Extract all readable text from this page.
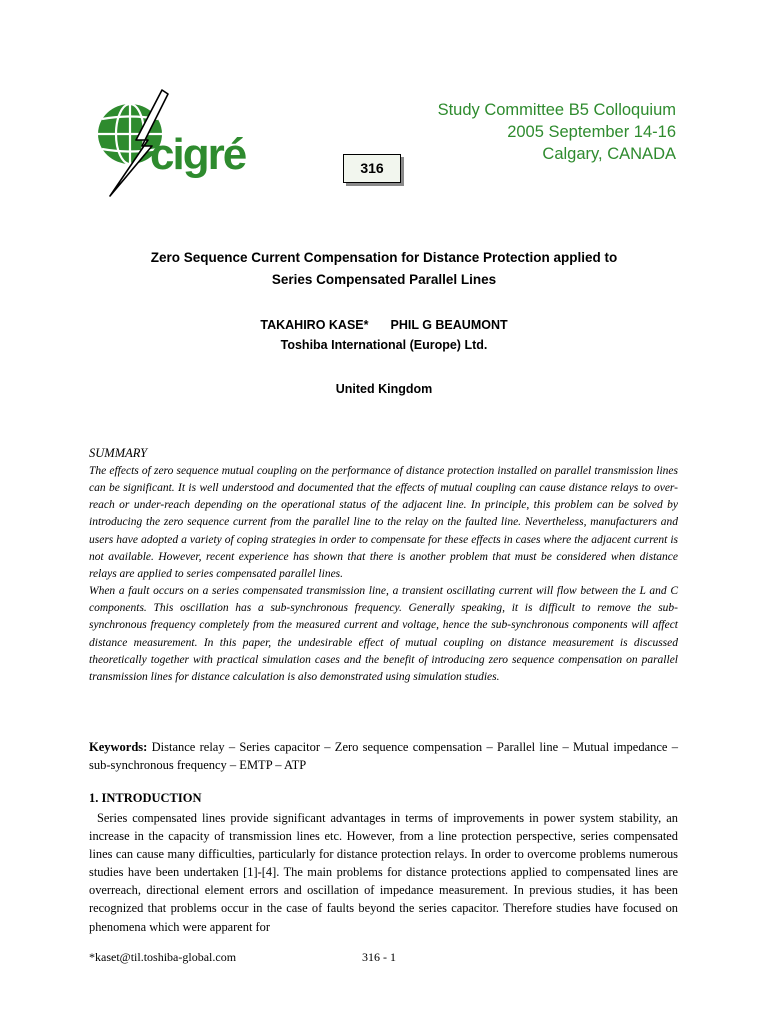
cigré
Study Committee B5 Colloquium
2005 September 14-16
Calgary, CANADA
316
Zero Sequence Current Compensation for Distance Protection applied to
Series Compensated Parallel Lines
TAKAHIRO KASE* PHIL G BEAUMONT
Toshiba International (Europe) Ltd.
United Kingdom
SUMMARY

The effects of zero sequence mutual coupling on the performance of distance protection installed on parallel transmission lines can be significant. It is well understood and documented that the effects of mutual coupling can cause distance relays to over-reach or under-reach depending on the operational status of the adjacent line. In principle, this problem can be solved by introducing the zero sequence current from the parallel line to the relay on the faulted line. Nevertheless, manufacturers and users have adopted a variety of coping strategies in order to compensate for these effects in cases where the adjacent current is not available. However, recent experience has shown that there is another problem that must be considered when distance relays are applied to series compensated parallel lines.

When a fault occurs on a series compensated transmission line, a transient oscillating current will flow between the L and C components. This oscillation has a sub-synchronous frequency. Generally speaking, it is difficult to remove the sub-synchronous frequency completely from the measured current and voltage, hence the sub-synchronous components will affect distance measurement. In this paper, the undesirable effect of mutual coupling on distance measurement is discussed theoretically together with practical simulation cases and the benefit of introducing zero sequence compensation on parallel transmission lines for distance calculation is also demonstrated using simulation studies.

Keywords: Distance relay – Series capacitor – Zero sequence compensation – Parallel line – Mutual impedance – sub-synchronous frequency – EMTP – ATP
1. INTRODUCTION

Series compensated lines provide significant advantages in terms of improvements in power system stability, an increase in the capacity of transmission lines etc. However, from a line protection perspective, series compensated lines can cause many difficulties, particularly for distance protection relays. In order to overcome problems numerous studies have been undertaken [1]-[4]. The main problems for distance protections applied to compensated lines are overreach, directional element errors and oscillation of impedance measurement. In previous studies, it has been recognized that problems occur in the case of faults beyond the series capacitor. Therefore studies have focused on phenomena which were apparent for

*kaset@til.toshiba-global.com	316 - 1
